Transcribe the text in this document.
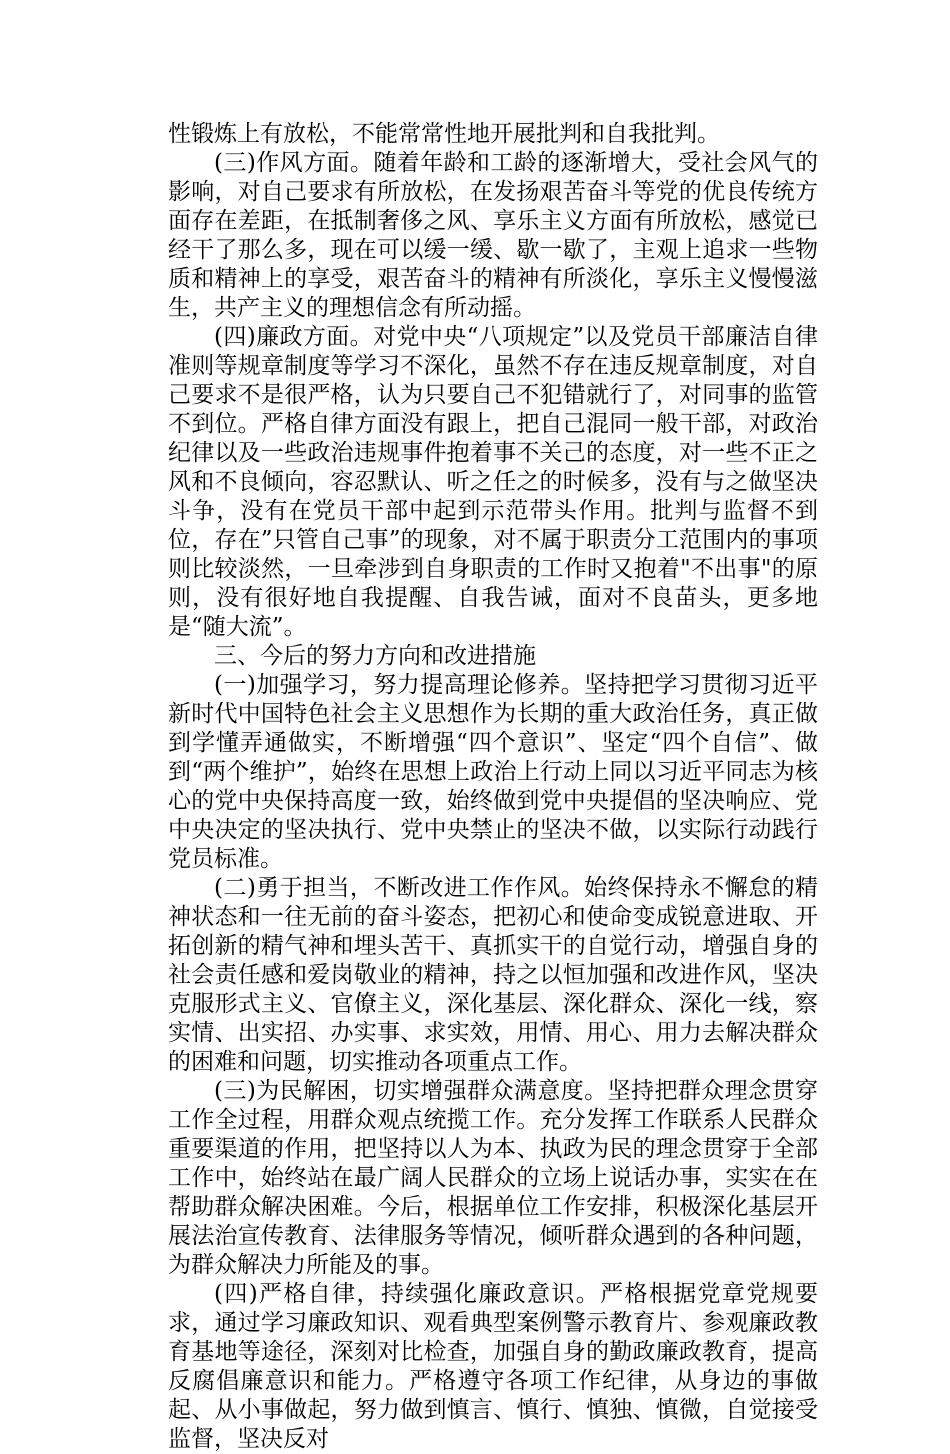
性锻炼上有放松，不能常常性地开展批判和自我批判。

(三)作风方面。随着年龄和工龄的逐渐增大，受社会风气的影响，对自己要求有所放松，在发扬艰苦奋斗等党的优良传统方面存在差距，在抵制奢侈之风、享乐主义方面有所放松，感觉已经干了那么多，现在可以缓一缓、歇一歇了，主观上追求一些物质和精神上的享受，艰苦奋斗的精神有所淡化，享乐主义慢慢滋生，共产主义的理想信念有所动摇。

(四)廉政方面。对党中央“八项规定”以及党员干部廉洁自律准则等规章制度等学习不深化，虽然不存在违反规章制度，对自己要求不是很严格，认为只要自己不犯错就行了，对同事的监管不到位。严格自律方面没有跟上，把自己混同一般干部，对政治纪律以及一些政治违规事件抱着事不关己的态度，对一些不正之风和不良倾向，容忍默认、听之任之的时候多，没有与之做坚决斗争，没有在党员干部中起到示范带头作用。批判与监督不到位，存在”只管自己事”的现象，对不属于职责分工范围内的事项则比较淡然，一旦牵涉到自身职责的工作时又抱着"不出事"的原则，没有很好地自我提醒、自我告诫，面对不良苗头，更多地是“随大流”。

三、今后的努力方向和改进措施

(一)加强学习，努力提高理论修养。坚持把学习贯彻习近平新时代中国特色社会主义思想作为长期的重大政治任务，真正做到学懂弄通做实，不断增强“四个意识”、坚定“四个自信”、做到“两个维护”，始终在思想上政治上行动上同以习近平同志为核心的党中央保持高度一致，始终做到党中央提倡的坚决响应、党中央决定的坚决执行、党中央禁止的坚决不做，以实际行动践行党员标准。

(二)勇于担当，不断改进工作作风。始终保持永不懈怠的精神状态和一往无前的奋斗姿态，把初心和使命变成锐意进取、开拓创新的精气神和埋头苦干、真抓实干的自觉行动，增强自身的社会责任感和爱岗敬业的精神，持之以恒加强和改进作风，坚决克服形式主义、官僚主义，深化基层、深化群众、深化一线，察实情、出实招、办实事、求实效，用情、用心、用力去解决群众的困难和问题，切实推动各项重点工作。

(三)为民解困，切实增强群众满意度。坚持把群众理念贯穿工作全过程，用群众观点统揽工作。充分发挥工作联系人民群众重要渠道的作用，把坚持以人为本、执政为民的理念贯穿于全部工作中，始终站在最广阔人民群众的立场上说话办事，实实在在帮助群众解决困难。今后，根据单位工作安排，积极深化基层开展法治宣传教育、法律服务等情况，倾听群众遇到的各种问题，为群众解决力所能及的事。

(四)严格自律，持续强化廉政意识。严格根据党章党规要求，通过学习廉政知识、观看典型案例警示教育片、参观廉政教育基地等途径，深刻对比检查，加强自身的勤政廉政教育，提高反腐倡廉意识和能力。严格遵守各项工作纪律，从身边的事做起、从小事做起，努力做到慎言、慎行、慎独、慎微，自觉接受监督，坚决反对
